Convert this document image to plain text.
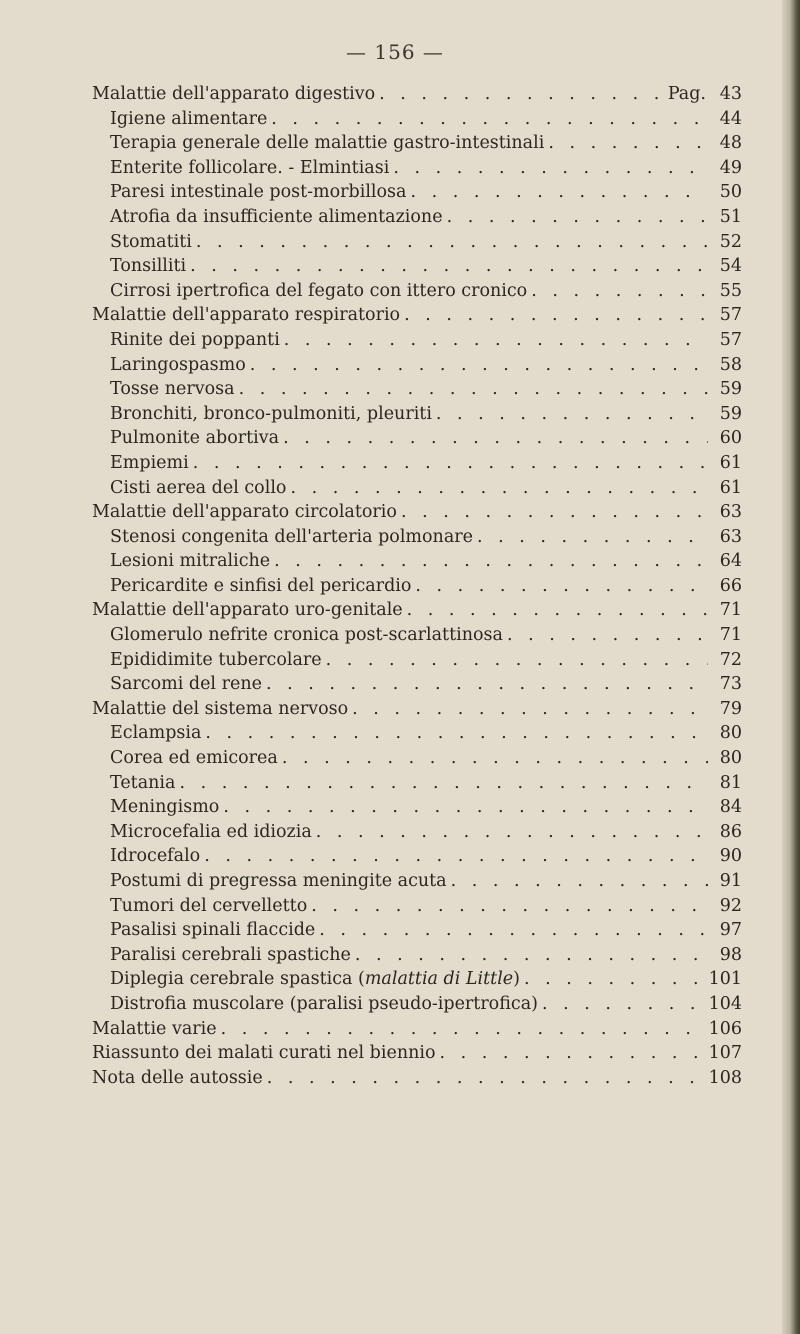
— 156 —
Malattie dell'apparato digestivo . . .	Pag. 43
Igiene alimentare . . .	44
Terapia generale delle malattie gastro-intestinali . . .	48
Enterite follicolare. - Elmintiasi . . .	49
Paresi intestinale post-morbillosa . . .	50
Atrofia da insufficiente alimentazione . . .	51
Stomatiti . . .	52
Tonsilliti . . .	54
Cirrosi ipertrofica del fegato con ittero cronico . . .	55
Malattie dell'apparato respiratorio . . .	57
Rinite dei poppanti . . .	57
Laringospasmo . . .	58
Tosse nervosa . . .	59
Bronchiti, bronco-pulmoniti, pleuriti . . .	59
Pulmonite abortiva . . .	60
Empiemi . . .	61
Cisti aerea del collo . . .	61
Malattie dell'apparato circolatorio . . .	63
Stenosi congenita dell'arteria polmonare . . .	63
Lesioni mitraliche . . .	64
Pericardite e sinfisi del pericardio . . .	66
Malattie dell'apparato uro-genitale . . .	71
Glomerulo nefrite cronica post-scarlattinosa . . .	71
Epididimite tubercolare . . .	72
Sarcomi del rene . . .	73
Malattie del sistema nervoso . . .	79
Eclampsia . . .	80
Corea ed emicorea . . .	80
Tetania . . .	81
Meningismo . . .	84
Microcefalia ed idiozia . . .	86
Idrocefalo . . .	90
Postumi di pregressa meningite acuta . . .	91
Tumori del cervelletto . . .	92
Pasalisi spinali flaccide . . .	97
Paralisi cerebrali spastiche . . .	98
Diplegia cerebrale spastica (malattia di Little) . . .	101
Distrofia muscolare (paralisi pseudo-ipertrofica) . . .	104
Malattie varie . . .	106
Riassunto dei malati curati nel biennio . . .	107
Nota delle autossie . . .	108
